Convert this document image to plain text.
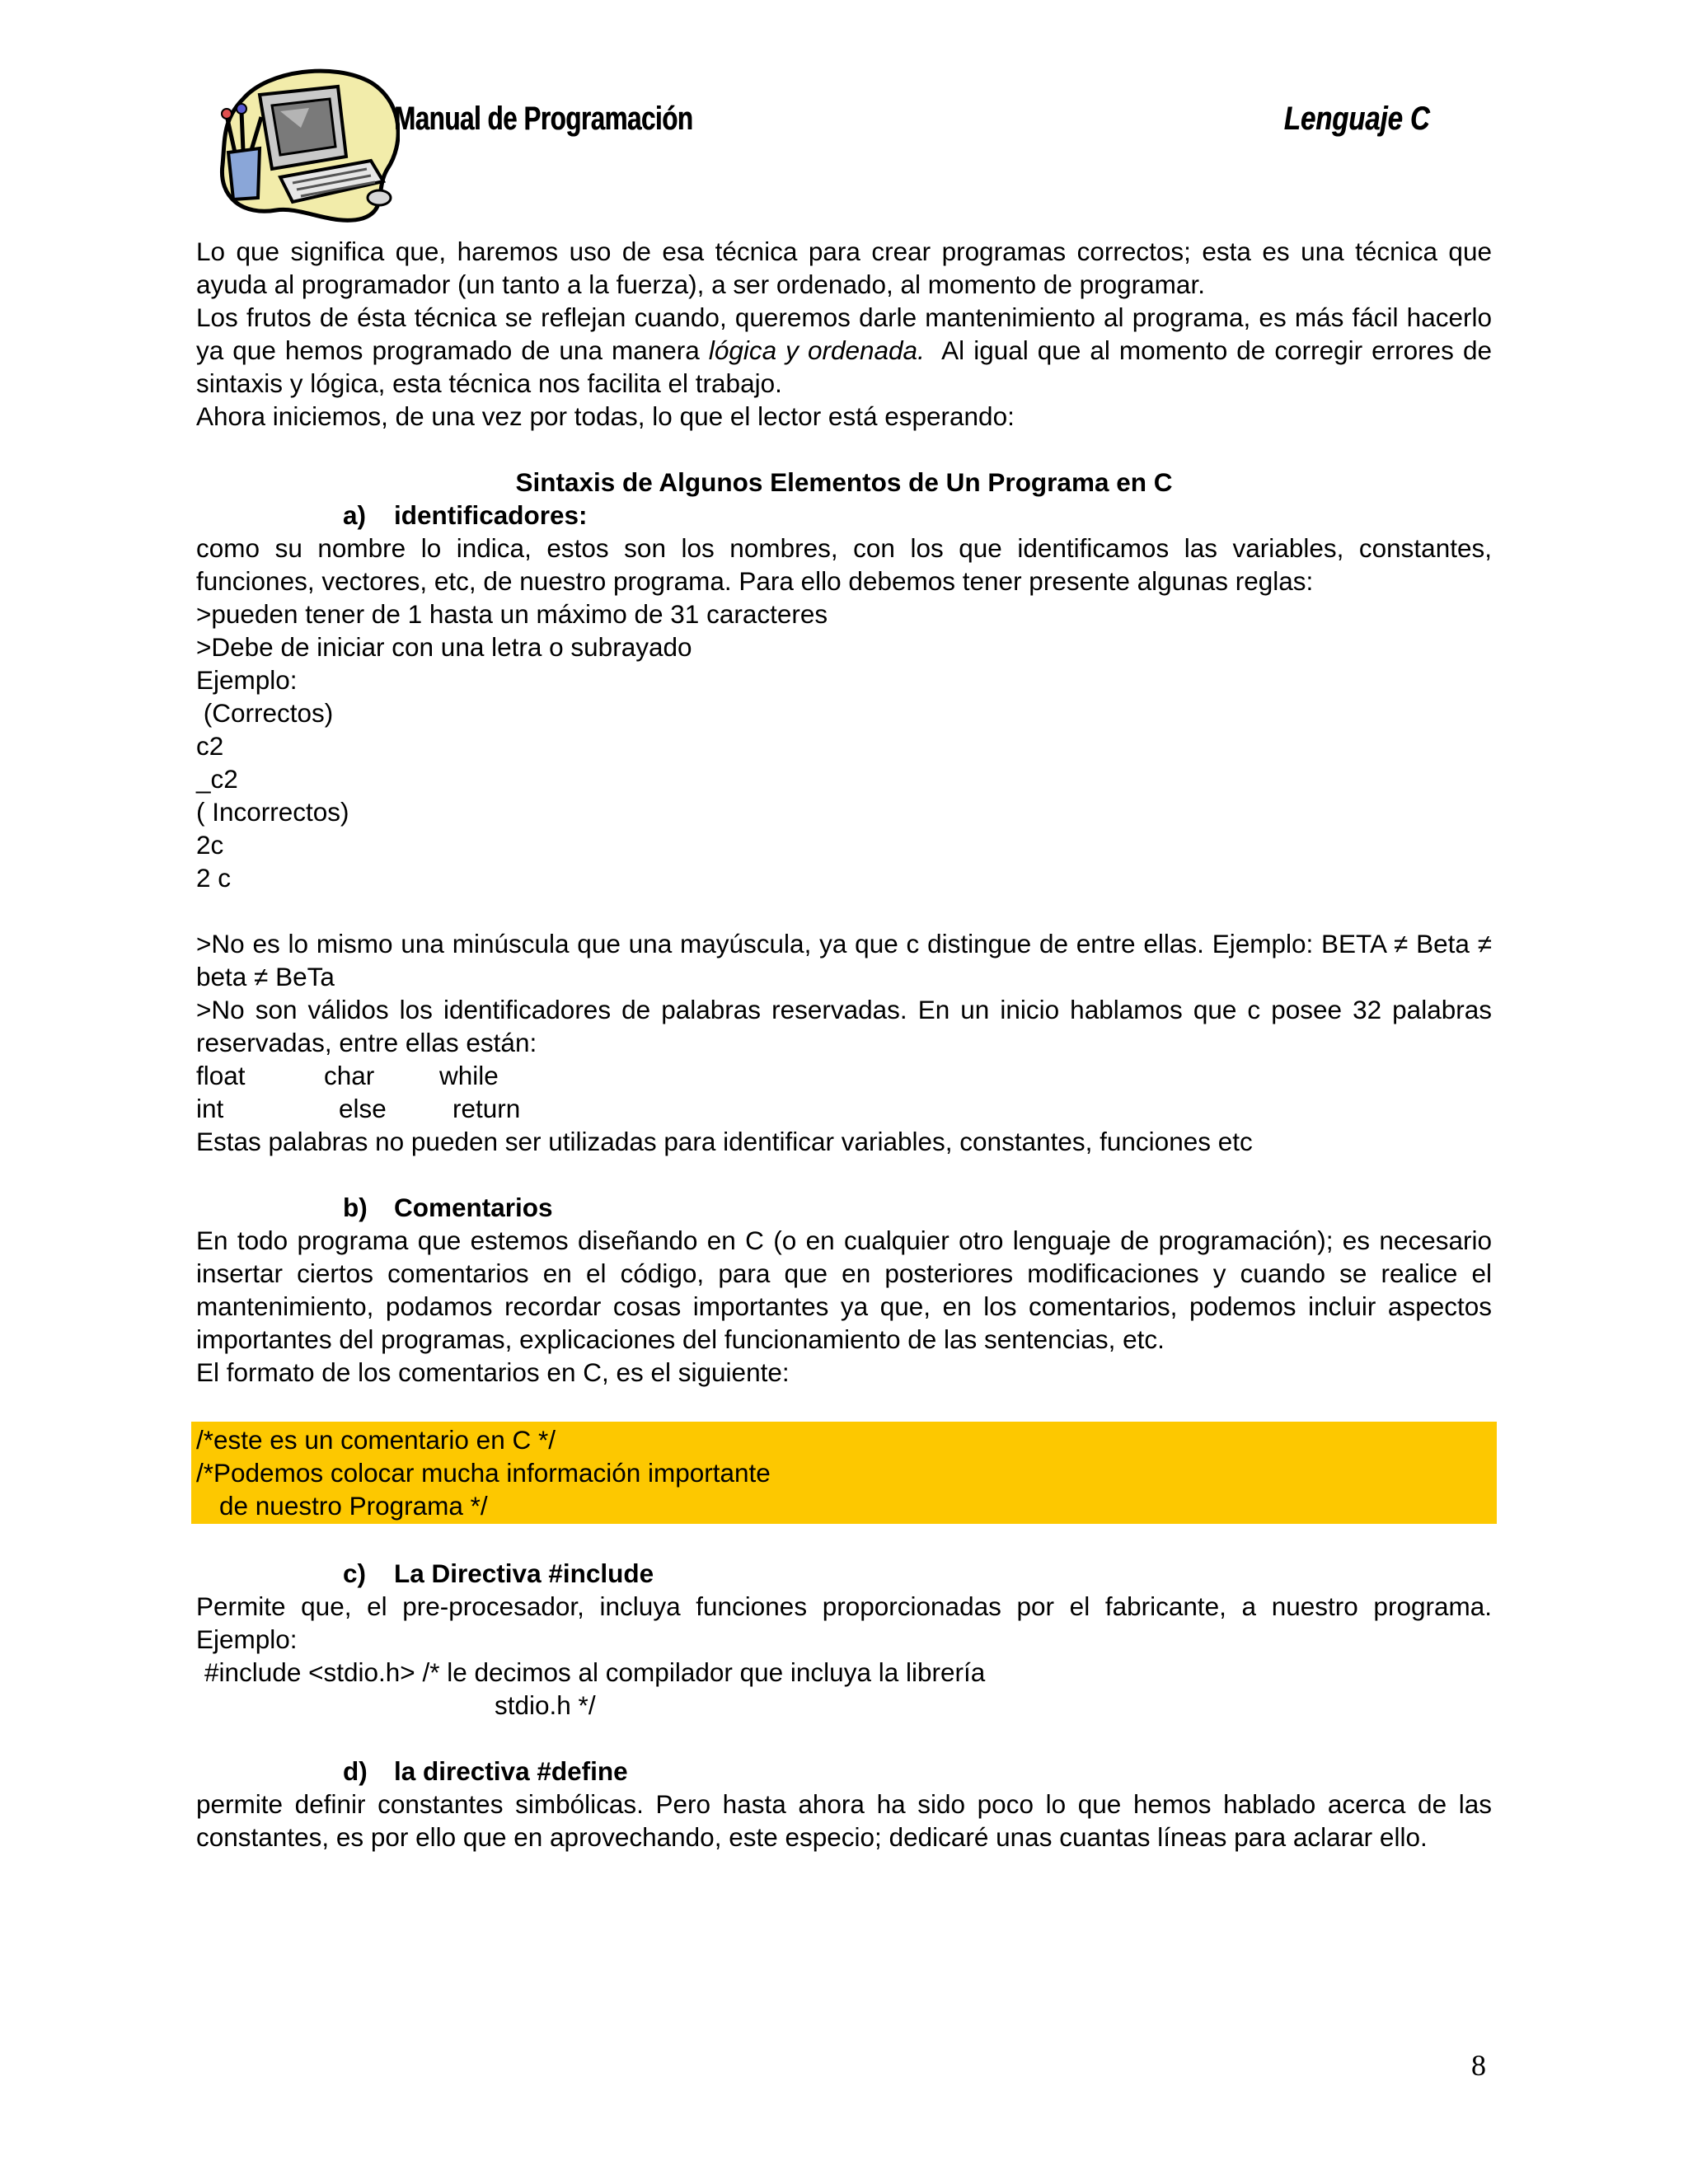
Manual de Programación	Lenguaje C

Lo que significa que, haremos uso de esa técnica para crear programas correctos; esta es una técnica que ayuda al programador (un tanto a la fuerza), a ser ordenado, al momento de programar.

Los frutos de ésta técnica se reflejan cuando, queremos darle mantenimiento al programa, es más fácil hacerlo ya que hemos programado de una manera lógica y ordenada.  Al igual que al momento de corregir errores de sintaxis y lógica, esta técnica nos facilita el trabajo.

Ahora iniciemos, de una vez por todas, lo que el lector está esperando:

Sintaxis de Algunos Elementos de Un Programa en C

a) identificadores:

como su nombre lo indica, estos son los nombres, con los que identificamos las variables, constantes, funciones, vectores, etc, de nuestro programa. Para ello debemos tener presente algunas reglas:

>pueden tener de 1 hasta un máximo de 31 caracteres

>Debe de iniciar con una letra o subrayado

Ejemplo:

(Correctos)

c2

_c2

( Incorrectos)

2c

2 c

>No es lo mismo una minúscula que una mayúscula, ya que c distingue de entre ellas. Ejemplo: BETA ≠ Beta ≠ beta ≠ BeTa

>No son válidos los identificadores de palabras reservadas. En un inicio hablamos que c posee 32 palabras reservadas, entre ellas están:

float	char	while
int	else	return

Estas palabras no pueden ser utilizadas para identificar variables, constantes, funciones etc

b) Comentarios

En todo programa que estemos diseñando en C (o en cualquier otro lenguaje de programación); es necesario insertar ciertos comentarios en el código, para que en posteriores modificaciones y cuando se realice el mantenimiento, podamos recordar cosas importantes ya que, en los comentarios, podemos incluir aspectos importantes del programas, explicaciones del funcionamiento de las sentencias, etc.

El formato de los comentarios en C, es el siguiente:

/*este es un comentario en C */

/*Podemos colocar mucha información importante

de nuestro Programa */

c) La Directiva #include

Permite que, el pre-procesador, incluya funciones proporcionadas por el fabricante, a nuestro programa. Ejemplo:

#include <stdio.h> /* le decimos al compilador que incluya la librería

stdio.h */

d) la directiva #define

permite definir constantes simbólicas. Pero hasta ahora ha sido poco lo que hemos hablado acerca de las constantes, es por ello que en aprovechando, este especio; dedicaré unas cuantas líneas para aclarar ello.

8
